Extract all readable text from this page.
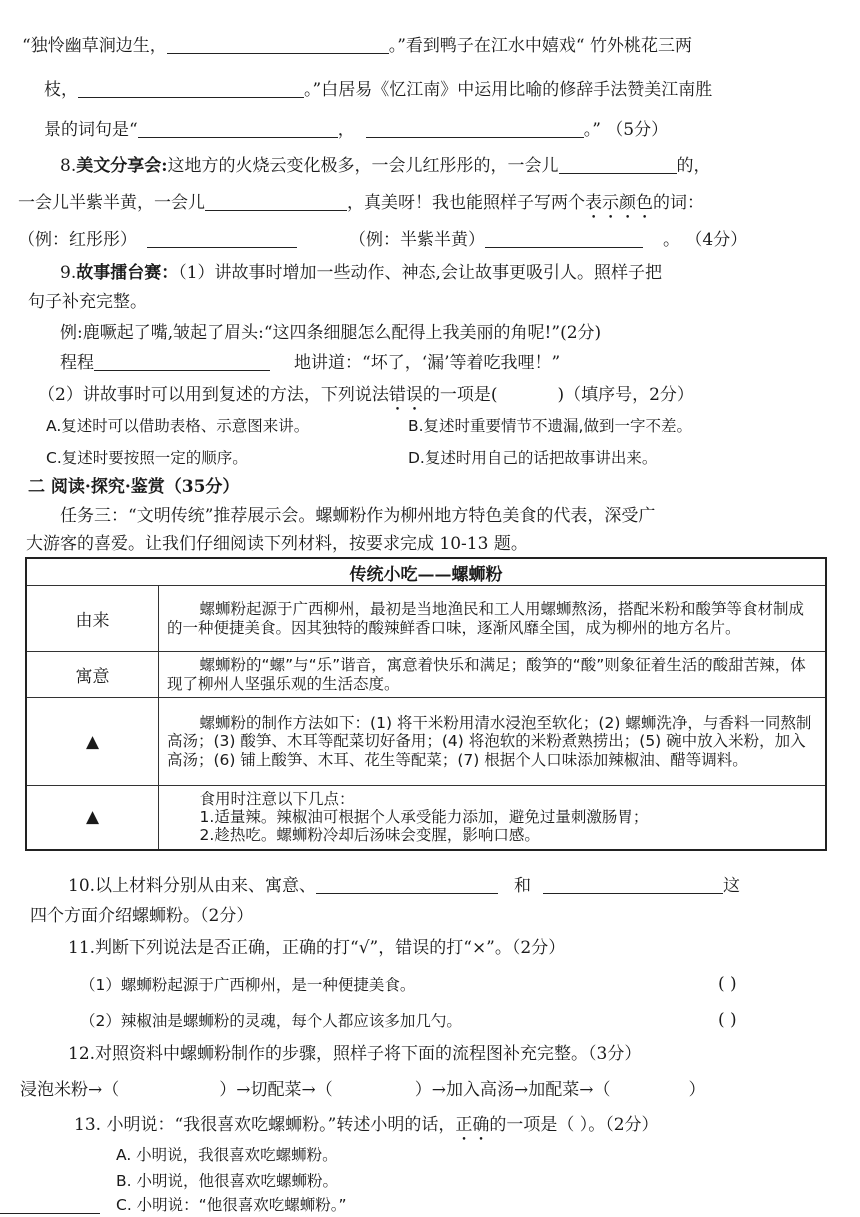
“独怜幽草涧边生，	。”看到鸭子在江水中嬉戏“ 竹外桃花三两
枝，	。”白居易《忆江南》中运用比喻的修辞手法赞美江南胜
景的词句是“	，	。” （5分）
8.美文分享会:这地方的火烧云变化极多，一会儿红彤彤的，一会儿	的，
一会儿半紫半黄，一会儿	，真美呀！我也能照样子写两个表示颜色的词：
（例：红彤彤）	（例：半紫半黄）	。 （4分）
9.故事擂台赛：（1）讲故事时增加一些动作、神态,会让故事更吸引人。照样子把
句子补充完整。
例:鹿噘起了嘴,皱起了眉头:“这四条细腿怎么配得上我美丽的角呢!”(2分)
程程	地讲道：“坏了，‘漏’等着吃我哩！”
（2）讲故事时可以用到复述的方法，下列说法错误的一项是(	)（填序号，2分）
A.复述时可以借助表格、示意图来讲。	B.复述时重要情节不遗漏,做到一字不差。
C.复述时要按照一定的顺序。	D.复述时用自己的话把故事讲出来。
二 阅读·探究·鉴赏（35分）
任务三：“文明传统”推荐展示会。螺蛳粉作为柳州地方特色美食的代表，深受广
大游客的喜爱。让我们仔细阅读下列材料，按要求完成 10-13 题。
传统小吃——螺蛳粉	
由来	螺蛳粉起源于广西柳州，最初是当地渔民和工人用螺蛳熬汤，搭配米粉和酸笋等食材制成的一种便捷美食。因其独特的酸辣鲜香口味，逐渐风靡全国，成为柳州的地方名片。
寓意	螺蛳粉的“螺”与“乐”谐音，寓意着快乐和满足；酸笋的“酸”则象征着生活的酸甜苦辣，体现了柳州人坚强乐观的生活态度。
▲	螺蛳粉的制作方法如下：(1) 将干米粉用清水浸泡至软化；(2) 螺蛳洗净，与香料一同熬制高汤；(3) 酸笋、木耳等配菜切好备用；(4) 将泡软的米粉煮熟捞出；(5) 碗中放入米粉，加入高汤；(6) 铺上酸笋、木耳、花生等配菜；(7) 根据个人口味添加辣椒油、醋等调料。
▲	食用时注意以下几点：
1.适量辣。辣椒油可根据个人承受能力添加，避免过量刺激肠胃；
2.趁热吃。螺蛳粉冷却后汤味会变腥，影响口感。
10.以上材料分别从由来、寓意、	和	这
四个方面介绍螺蛳粉。（2分）
11.判断下列说法是否正确，正确的打“√”，错误的打“×”。（2分）
（1）螺蛳粉起源于广西柳州，是一种便捷美食。	( )
（2）辣椒油是螺蛳粉的灵魂，每个人都应该多加几勺。	( )
12.对照资料中螺蛳粉制作的步骤，照样子将下面的流程图补充完整。（3分）
浸泡米粉→（	）→切配菜→（	）→加入高汤→加配菜→（	）
13. 小明说：“我很喜欢吃螺蛳粉。”转述小明的话，正确的一项是（ ）。（2分）
A. 小明说，我很喜欢吃螺蛳粉。
B. 小明说，他很喜欢吃螺蛳粉。
C. 小明说：“他很喜欢吃螺蛳粉。”
